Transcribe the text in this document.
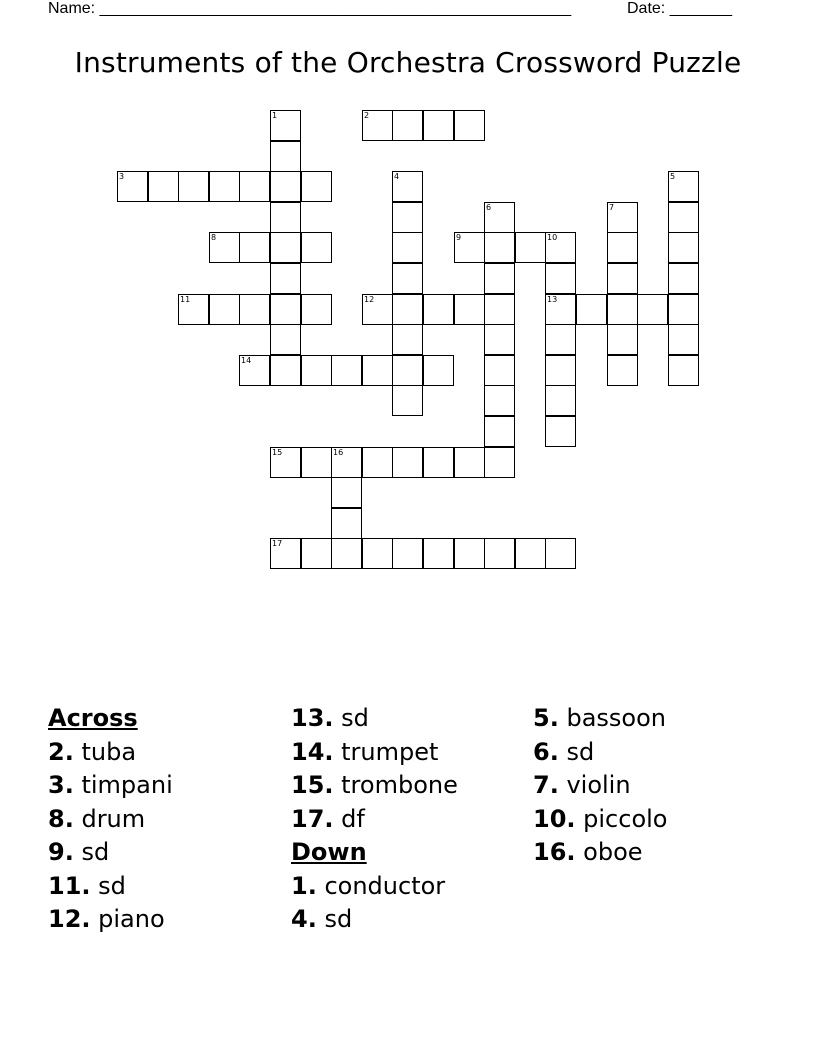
Name: _____________________________________________________	Date: _______
Instruments of the Orchestra Crossword Puzzle
1	2
3	4	5
6	7
8	9	10
13
11	12
14
15	16
17
Across
2. tuba
3. timpani
8. drum
9. sd
11. sd
12. piano
13. sd
14. trumpet
15. trombone
17. df
Down
1. conductor
4. sd
5. bassoon
6. sd
7. violin
10. piccolo
16. oboe
